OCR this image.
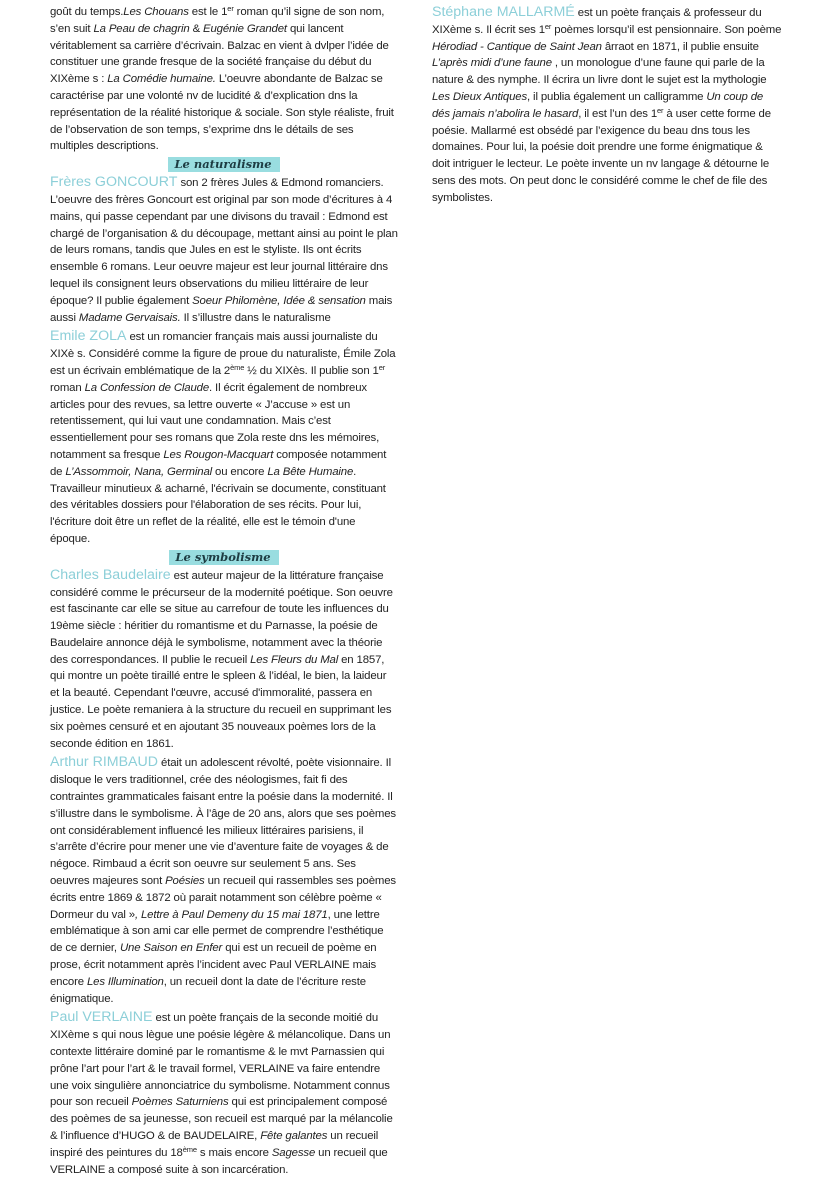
goût du temps.Les Chouans est le 1er roman qu’il signe de son nom, s’en suit La Peau de chagrin & Eugénie Grandet qui lancent véritablement sa carrière d’écrivain. Balzac en vient à dvlper l’idée de constituer une grande fresque de la société française du début du XIXème s : La Comédie humaine. L’oeuvre abondante de Balzac se caractérise par une volonté nv de lucidité & d’explication dns la représentation de la réalité historique & sociale. Son style réaliste, fruit de l’observation de son temps, s’exprime dns le détails de ses multiples descriptions.

Le naturalisme

Frères GONCOURT son 2 frères Jules & Edmond romanciers. L’oeuvre des frères Goncourt est original par son mode d’écritures à 4 mains, qui passe cependant par une divisons du travail : Edmond est chargé de l’organisation & du découpage, mettant ainsi au point le plan de leurs romans, tandis que Jules en est le styliste. Ils ont écrits ensemble 6 romans. Leur oeuvre majeur est leur journal littéraire dns lequel ils consignent leurs observations du milieu littéraire de leur époque? Il publie également Soeur Philomène, Idée & sensation mais aussi Madame Gervaisais. Il s’illustre dans le naturalisme

Emile ZOLA est un romancier français mais aussi journaliste du XIXè s. Considéré comme la figure de proue du naturaliste, Émile Zola est un écrivain emblématique de la 2ème ½ du XIXès. Il publie son 1er roman La Confession de Claude. Il écrit également de nombreux articles pour des revues, sa lettre ouverte « J’accuse » est un retentissement, qui lui vaut une condamnation. Mais c’est essentiellement pour ses romans que Zola reste dns les mémoires, notamment sa fresque Les Rougon-Macquart composée notamment de L’Assommoir, Nana, Germinal ou encore La Bête Humaine. Travailleur minutieux & acharné, l'écrivain se documente, constituant des véritables dossiers pour l'élaboration de ses récits. Pour lui, l'écriture doit être un reflet de la réalité, elle est le témoin d'une époque.

Le symbolisme

Charles Baudelaire est auteur majeur de la littérature française considéré comme le précurseur de la modernité poétique. Son oeuvre est fascinante car elle se situe au carrefour de toute les influences du 19ème siècle : héritier du romantisme et du Parnasse, la poésie de Baudelaire annonce déjà le symbolisme, notamment avec la théorie des correspondances. Il publie le recueil Les Fleurs du Mal en 1857, qui montre un poète tiraillé entre le spleen & l’idéal, le bien, la laideur et la beauté. Cependant l'œuvre, accusé d'immoralité, passera en justice. Le poète remaniera à la structure du recueil en supprimant les six poèmes censuré et en ajoutant 35 nouveaux poèmes lors de la seconde édition en 1861.

Arthur RIMBAUD était un adolescent révolté, poète visionnaire. Il disloque le vers traditionnel, crée des néologismes, fait fi des contraintes grammaticales faisant entre la poésie dans la modernité. Il s’illustre dans le symbolisme. À l’âge de 20 ans, alors que ses poèmes ont considérablement influencé les milieux littéraires parisiens, il s’arrête d’écrire pour mener une vie d’aventure faite de voyages & de négoce. Rimbaud a écrit son oeuvre sur seulement 5 ans. Ses oeuvres majeures sont Poésies un recueil qui rassembles ses poèmes écrits entre 1869 & 1872 où parait notamment son célèbre poème « Dormeur du val », Lettre à Paul Demeny du 15 mai 1871, une lettre emblématique à son ami car elle permet de comprendre l’esthétique de ce dernier, Une Saison en Enfer qui est un recueil de poème en prose, écrit notamment après l’incident avec Paul VERLAINE mais encore Les Illumination, un recueil dont la date de l’écriture reste énigmatique.

Paul VERLAINE est un poète français de la seconde moitié du XIXème s qui nous lègue une poésie légère & mélancolique. Dans un contexte littéraire dominé par le romantisme & le mvt Parnassien qui prône l’art pour l’art & le travail formel, VERLAINE va faire entendre une voix singulière annonciatrice du symbolisme. Notamment connus pour son recueil Poèmes Saturniens qui est principalement composé des poèmes de sa jeunesse, son recueil est marqué par la mélancolie & l’influence d’HUGO & de BAUDELAIRE, Fête galantes un recueil inspiré des peintures du 18ème s mais encore Sagesse un recueil que VERLAINE a composé suite à son incarcération.

Stéphane MALLARMÉ est un poète français & professeur du XIXème s. Il écrit ses 1er poèmes lorsqu’il est pensionnaire. Son poème Hérodiad - Cantique de Saint Jean ârraot en 1871, il publie ensuite L’après midi d’une faune , un monologue d’une faune qui parle de la nature & des nymphe. Il écrira un livre dont le sujet est la mythologie Les Dieux Antiques, il publia également un calligramme Un coup de dés jamais n’abolira le hasard, il est l’un des 1er à user cette forme de poésie. Mallarmé est obsédé par l’exigence du beau dns tous les domaines. Pour lui, la poésie doit prendre une forme énigmatique & doit intriguer le lecteur. Le poète invente un nv langage & détourne le sens des mots. On peut donc le considéré comme le chef de file des symbolistes.
